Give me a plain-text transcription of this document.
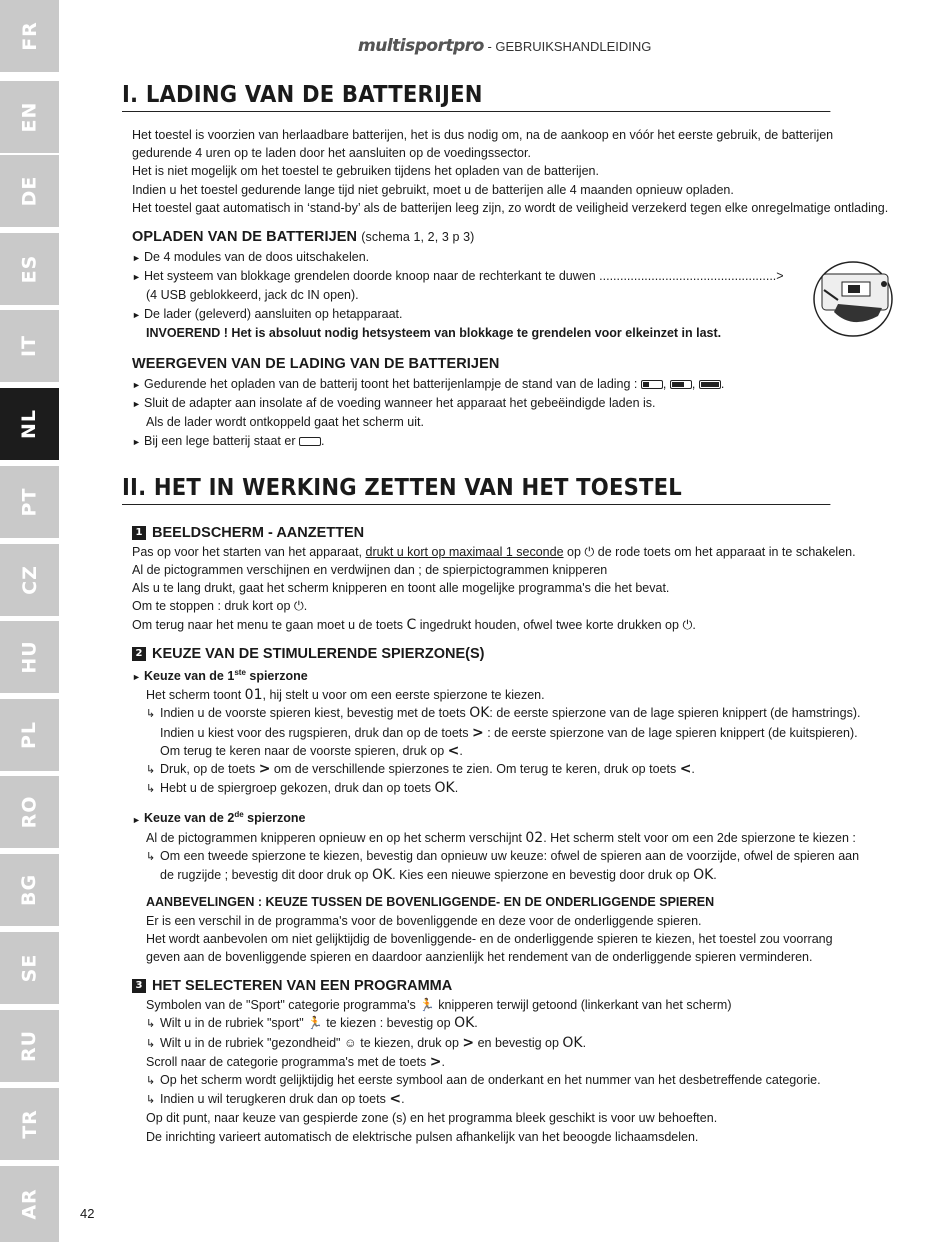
FR
EN
DE
ES
IT
NL
PT
CZ
HU
PL
RO
BG
SE
RU
TR
AR
multisportpro - GEBRUIKSHANDLEIDING
I. LADING VAN DE BATTERIJEN

Het toestel is voorzien van herlaadbare batterijen, het is dus nodig om, na de aankoop en vóór het eerste gebruik, de batterijen gedurende 4 uren op te laden door het aansluiten op de voedingssector.

Het is niet mogelijk om het toestel te gebruiken tijdens het opladen van de batterijen.

Indien u het toestel gedurende lange tijd niet gebruikt, moet u de batterijen alle 4 maanden opnieuw opladen.

Het toestel gaat automatisch in ‘stand-by’ als de batterijen leeg zijn, zo wordt de veiligheid verzekerd tegen elke onregelmatige ontlading.

OPLADEN VAN DE BATTERIJEN (schema 1, 2, 3 p 3)
► De 4 modules van de doos uitschakelen.
► Het systeem van blokkage grendelen doorde knoop naar de rechterkant te duwen ...................................................>
(4 USB geblokkeerd, jack dc IN open).
► De lader (geleverd) aansluiten op hetapparaat.
INVOEREND ! Het is absoluut nodig hetsysteem van blokkage te grendelen voor elkeinzet in last.
WEERGEVEN VAN DE LADING VAN DE BATTERIJEN
► Gedurende het opladen van de batterij toont het batterijenlampje de stand van de lading : ,
,
.
► Sluit de adapter aan insolate af de voeding wanneer het apparaat het gebeëindigde laden is.
Als de lader wordt ontkoppeld gaat het scherm uit.
► Bij een lege batterij staat er .
II. HET IN WERKING ZETTEN VAN HET TOESTEL
1 BEELDSCHERM - AANZETTEN
Pas op voor het starten van het apparaat, drukt u kort op maximaal 1 seconde op ⏻ de rode toets om het apparaat in te schakelen.
Al de pictogrammen verschijnen en verdwijnen dan ; de spierpictogrammen knipperen
Als u te lang drukt, gaat het scherm knipperen en toont alle mogelijke programma's die het bevat.
Om te stoppen : druk kort op ⏻.
Om terug naar het menu te gaan moet u de toets C ingedrukt houden, ofwel twee korte drukken op ⏻.
2 KEUZE VAN DE STIMULERENDE SPIERZONE(S)
► Keuze van de 1ste spierzone
Het scherm toont 01, hij stelt u voor om een eerste spierzone te kiezen.
↳ Indien u de voorste spieren kiest, bevestig met de toets OK: de eerste spierzone van de lage spieren knippert (de hamstrings).
Indien u kiest voor des rugspieren, druk dan op de toets > : de eerste spierzone van de lage spieren knippert (de kuitspieren).
Om terug te keren naar de voorste spieren, druk op <.
↳ Druk, op de toets > om de verschillende spierzones te zien. Om terug te keren, druk op toets <.
↳ Hebt u de spiergroep gekozen, druk dan op toets OK.
► Keuze van de 2de spierzone
Al de pictogrammen knipperen opnieuw en op het scherm verschijnt 02. Het scherm stelt voor om een 2de spierzone te kiezen :
↳ Om een tweede spierzone te kiezen, bevestig dan opnieuw uw keuze: ofwel de spieren aan de voorzijde, ofwel de spieren aan
de rugzijde ; bevestig dit door druk op OK. Kies een nieuwe spierzone en bevestig door druk op OK.
AANBEVELINGEN : KEUZE TUSSEN DE BOVENLIGGENDE- EN DE ONDERLIGGENDE SPIEREN
Er is een verschil in de programma's voor de bovenliggende en deze voor de onderliggende spieren.
Het wordt aanbevolen om niet gelijktijdig de bovenliggende- en de onderliggende spieren te kiezen, het toestel zou voorrang
geven aan de bovenliggende spieren en daardoor aanzienlijk het rendement van de onderliggende spieren verminderen.
3 HET SELECTEREN VAN EEN PROGRAMMA
Symbolen van de "Sport" categorie programma's 🏃 knipperen terwijl getoond (linkerkant van het scherm)
↳ Wilt u in de rubriek "sport" 🏃 te kiezen : bevestig op OK.
↳ Wilt u in de rubriek "gezondheid" ☺ te kiezen, druk op > en bevestig op OK.
Scroll naar de categorie programma's met de toets >.
↳ Op het scherm wordt gelijktijdig het eerste symbool aan de onderkant en het nummer van het desbetreffende categorie.
↳ Indien u wil terugkeren druk dan op toets <.
Op dit punt, naar keuze van gespierde zone (s) en het programma bleek geschikt is voor uw behoeften.
De inrichting varieert automatisch de elektrische pulsen afhankelijk van het beoogde lichaamsdelen.
42
